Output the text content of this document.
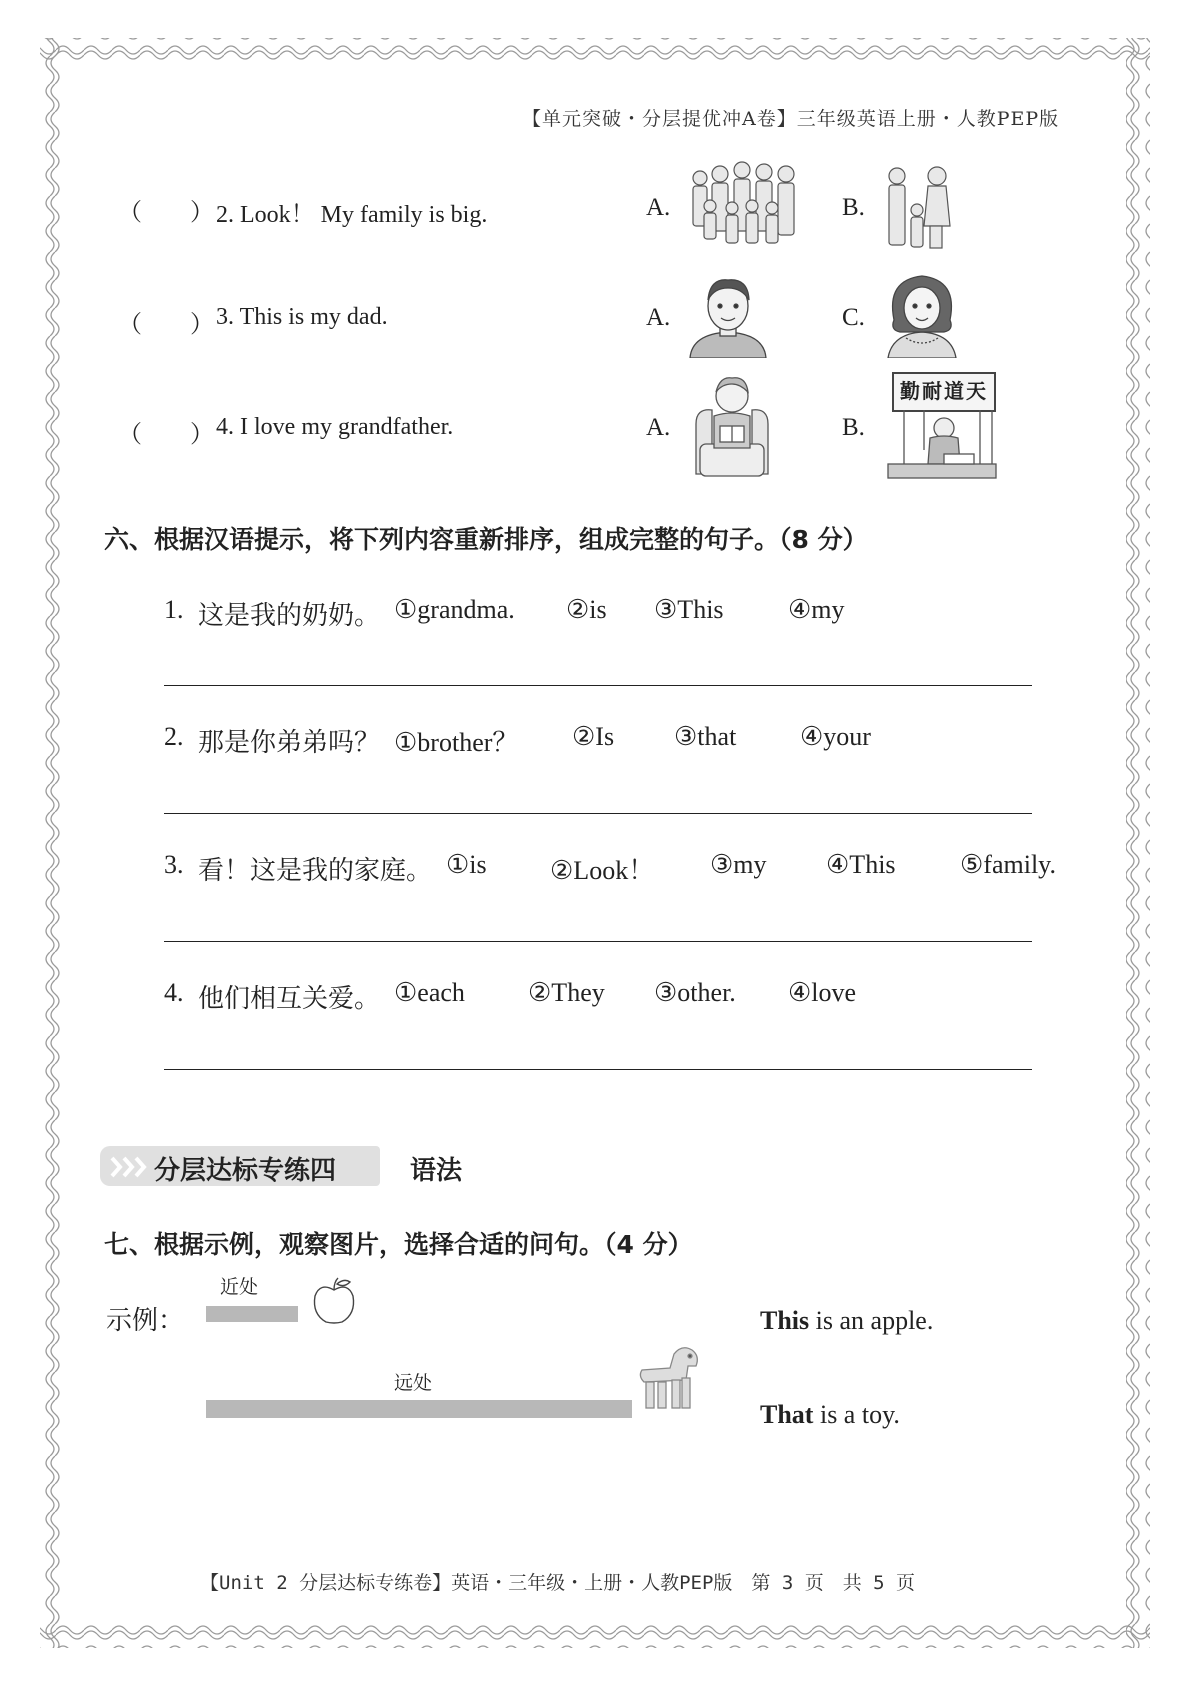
【单元突破・分层提优冲A卷】三年级英语上册・人教PEP版
（　　） 2. Look！ My family is big.	A.	B.
（　　） 3. This is my dad.	A.	C.
（　　） 4. I love my grandfather.	A.	B.
勤耐道天
六、根据汉语提示，将下列内容重新排序，组成完整的句子。（8 分）
1. 这是我的奶奶。 ①grandma. ②is ③This ④my
2. 那是你弟弟吗？ ①brother？ ②Is ③that ④your
3. 看！这是我的家庭。 ①is ②Look！ ③my ④This ⑤family.
4. 他们相互关爱。 ①each ②They ③other. ④love
分层达标专练四	语法
七、根据示例，观察图片，选择合适的问句。（4 分）
近处
示例：	This is an apple.
远处
That is a toy.
【Unit 2 分层达标专练卷】英语・三年级・上册・人教PEP版　第 3 页　共 5 页
